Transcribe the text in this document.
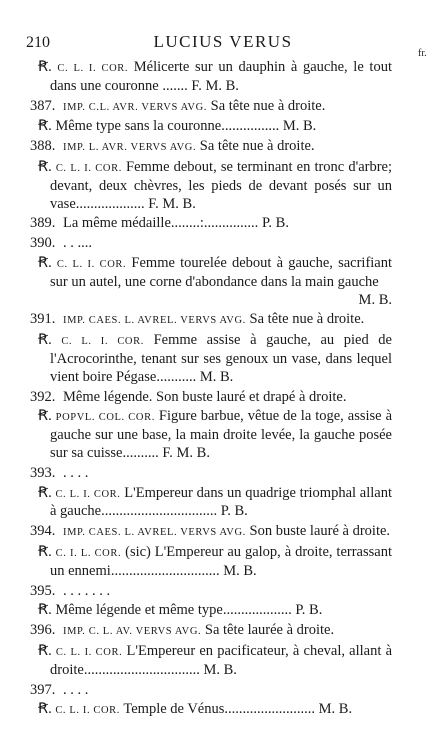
210	LUCIUS VERUS
fr.

Ꞧ. C. L. I. COR. Mélicerte sur un dauphin à gauche, le tout dans une couronne ....... F. M. B.

387. IMP. C.L. AVR. VERVS AVG. Sa tête nue à droite.

Ꞧ. Même type sans la couronne................ M. B.

388. IMP. L. AVR. VERVS AVG. Sa tête nue à droite.

Ꞧ. C. L. I. COR. Femme debout, se terminant en tronc d'arbre; devant, deux chèvres, les pieds de devant posés sur un vase................... F. M. B.

389. La même médaille........:............... P. B.

390. . . ....

Ꞧ. C. L. I. COR. Femme tourelée debout à gauche, sacrifiant sur un autel, une corne d'abondance dans la main gauche
M. B.

391. IMP. CAES. L. AVREL. VERVS AVG. Sa tête nue à droite.

Ꞧ. C. L. I. COR. Femme assise à gauche, au pied de l'Acrocorinthe, tenant sur ses genoux un vase, dans lequel vient boire Pégase........... M. B.

392. Même légende. Son buste lauré et drapé à droite.

Ꞧ. POPVL. COL. COR. Figure barbue, vêtue de la toge, assise à gauche sur une base, la main droite levée, la gauche posée sur sa cuisse.......... F. M. B.

393. . . . .

Ꞧ. C. L. I. COR. L'Empereur dans un quadrige triomphal allant à gauche................................ P. B.

394. IMP. CAES. L. AVREL. VERVS AVG. Son buste lauré à droite.

Ꞧ. C. I. L. COR. (sic) L'Empereur au galop, à droite, terrassant un ennemi.............................. M. B.

395. . . . . . . .

Ꞧ. Même légende et même type................... P. B.

396. IMP. C. L. AV. VERVS AVG. Sa tête laurée à droite.

Ꞧ. C. L. I. COR. L'Empereur en pacificateur, à cheval, allant à droite................................ M. B.

397. . . . .

Ꞧ. C. L. I. COR. Temple de Vénus......................... M. B.
